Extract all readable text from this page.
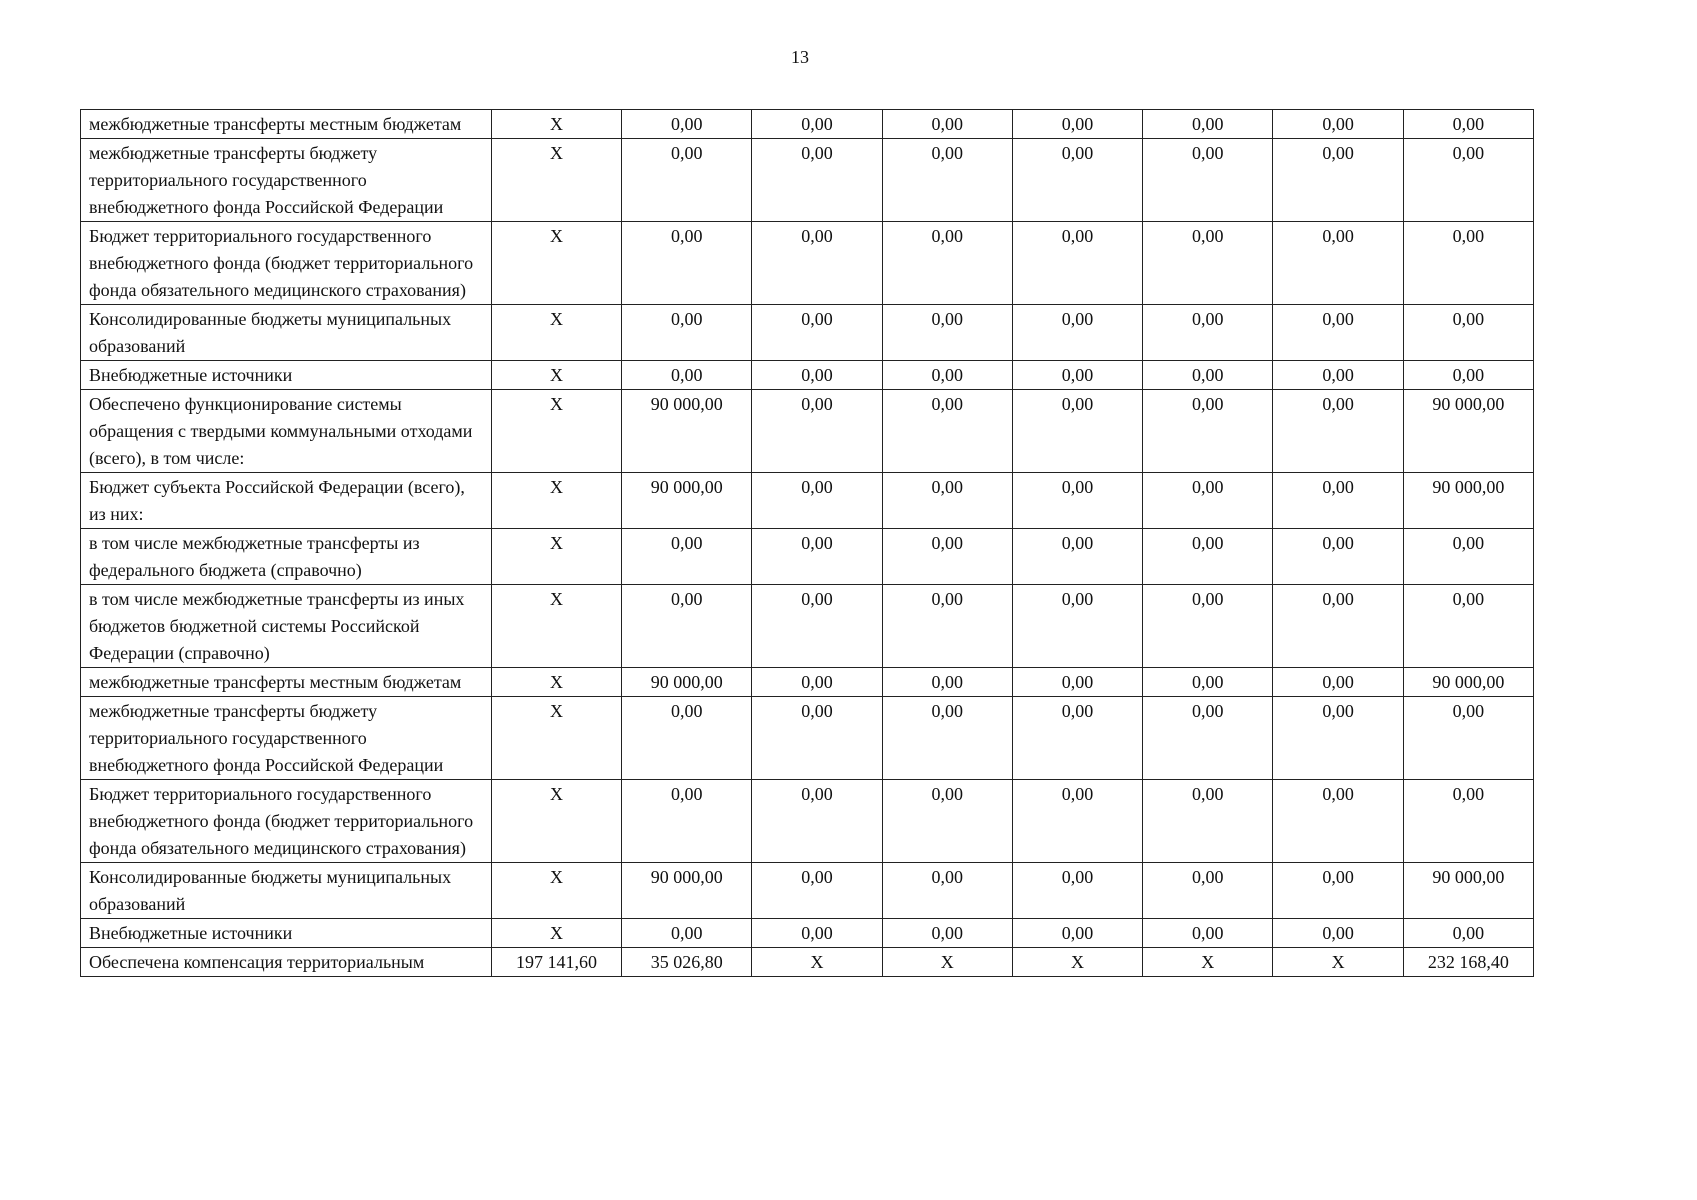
13
межбюджетные трансферты местным бюджетам	X	0,00	0,00	0,00	0,00	0,00	0,00	0,00
межбюджетные трансферты бюджету территориального государственного внебюджетного фонда Российской Федерации	X	0,00	0,00	0,00	0,00	0,00	0,00	0,00
Бюджет территориального государственного внебюджетного фонда (бюджет территориального фонда обязательного медицинского страхования)	X	0,00	0,00	0,00	0,00	0,00	0,00	0,00
Консолидированные бюджеты муниципальных образований	X	0,00	0,00	0,00	0,00	0,00	0,00	0,00
Внебюджетные источники	X	0,00	0,00	0,00	0,00	0,00	0,00	0,00
Обеспечено функционирование системы обращения с твердыми коммунальными отходами (всего), в том числе:	X	90 000,00	0,00	0,00	0,00	0,00	0,00	90 000,00
Бюджет субъекта Российской Федерации (всего), из них:	X	90 000,00	0,00	0,00	0,00	0,00	0,00	90 000,00
в том числе межбюджетные трансферты из федерального бюджета (справочно)	X	0,00	0,00	0,00	0,00	0,00	0,00	0,00
в том числе межбюджетные трансферты из иных бюджетов бюджетной системы Российской Федерации (справочно)	X	0,00	0,00	0,00	0,00	0,00	0,00	0,00
межбюджетные трансферты местным бюджетам	X	90 000,00	0,00	0,00	0,00	0,00	0,00	90 000,00
межбюджетные трансферты бюджету территориального государственного внебюджетного фонда Российской Федерации	X	0,00	0,00	0,00	0,00	0,00	0,00	0,00
Бюджет территориального государственного внебюджетного фонда (бюджет территориального фонда обязательного медицинского страхования)	X	0,00	0,00	0,00	0,00	0,00	0,00	0,00
Консолидированные бюджеты муниципальных образований	X	90 000,00	0,00	0,00	0,00	0,00	0,00	90 000,00
Внебюджетные источники	X	0,00	0,00	0,00	0,00	0,00	0,00	0,00
Обеспечена компенсация территориальным	197 141,60	35 026,80	X	X	X	X	X	232 168,40
